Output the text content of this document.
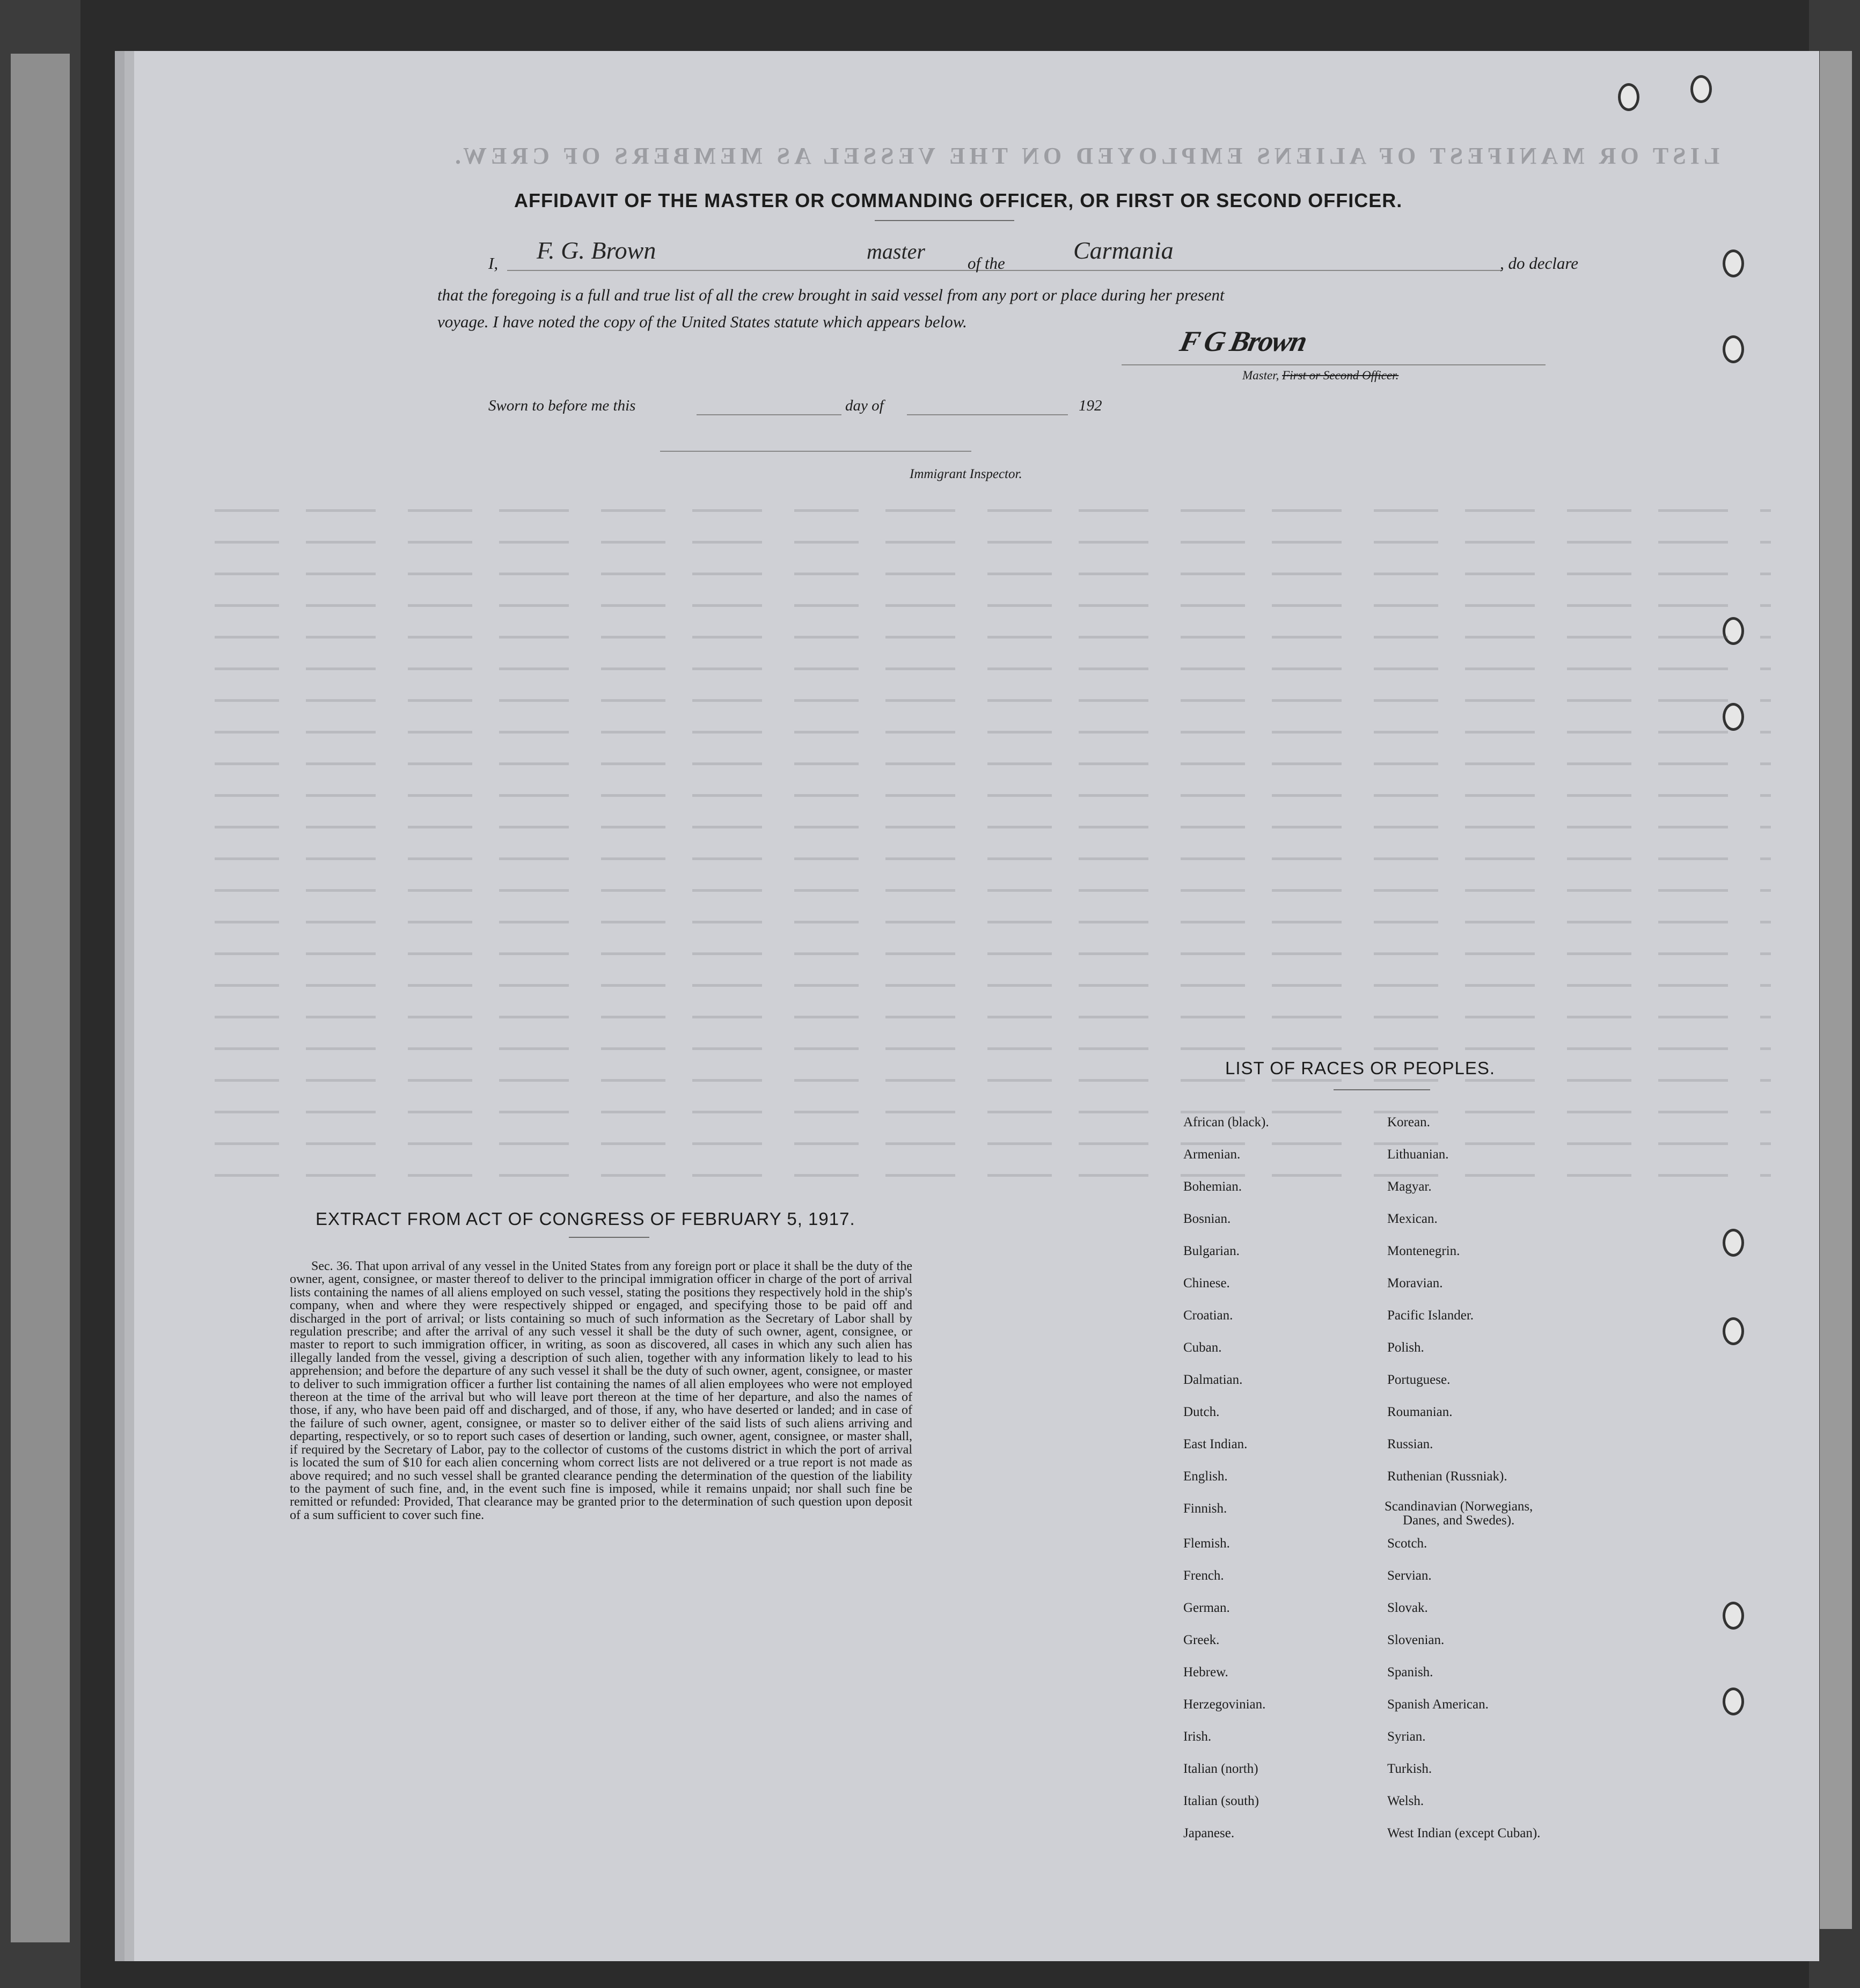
LIST OR MANIFEST OF ALIENS EMPLOYED ON THE VESSEL AS MEMBERS OF CREW.
AFFIDAVIT OF THE MASTER OR COMMANDING OFFICER, OR FIRST OR SECOND OFFICER.
I, F. G. Brown	master	of the	Carmania	, do declare
that the foregoing is a full and true list of all the crew brought in said vessel from any port or place during her present
voyage. I have noted the copy of the United States statute which appears below.
F G Brown
Master, First or Second Officer.
Sworn to before me this	day of	192
Immigrant Inspector.
EXTRACT FROM ACT OF CONGRESS OF FEBRUARY 5, 1917.
Sec. 36. That upon arrival of any vessel in the United States from any foreign port or place it shall be the duty of the owner, agent, consignee, or master thereof to deliver to the principal immigration officer in charge of the port of arrival lists containing the names of all aliens employed on such vessel, stating the positions they respectively hold in the ship's company, when and where they were respectively shipped or engaged, and specifying those to be paid off and discharged in the port of arrival; or lists containing so much of such information as the Secretary of Labor shall by regulation prescribe; and after the arrival of any such vessel it shall be the duty of such owner, agent, consignee, or master to report to such immigration officer, in writing, as soon as discovered, all cases in which any such alien has illegally landed from the vessel, giving a description of such alien, together with any information likely to lead to his apprehension; and before the departure of any such vessel it shall be the duty of such owner, agent, consignee, or master to deliver to such immigration officer a further list containing the names of all alien employees who were not employed thereon at the time of the arrival but who will leave port thereon at the time of her departure, and also the names of those, if any, who have been paid off and discharged, and of those, if any, who have deserted or landed; and in case of the failure of such owner, agent, consignee, or master so to deliver either of the said lists of such aliens arriving and departing, respectively, or so to report such cases of desertion or landing, such owner, agent, consignee, or master shall, if required by the Secretary of Labor, pay to the collector of customs of the customs district in which the port of arrival is located the sum of $10 for each alien concerning whom correct lists are not delivered or a true report is not made as above required; and no such vessel shall be granted clearance pending the determination of the question of the liability to the payment of such fine, and, in the event such fine is imposed, while it remains unpaid; nor shall such fine be remitted or refunded: Provided, That clearance may be granted prior to the determination of such question upon deposit of a sum sufficient to cover such fine.
LIST OF RACES OR PEOPLES.
African (black).
Armenian.
Bohemian.
Bosnian.
Bulgarian.
Chinese.
Croatian.
Cuban.
Dalmatian.
Dutch.
East Indian.
English.
Finnish.
Flemish.
French.
German.
Greek.
Hebrew.
Herzegovinian.
Irish.
Italian (north)
Italian (south)
Japanese.
Korean.
Lithuanian.
Magyar.
Mexican.
Montenegrin.
Moravian.
Pacific Islander.
Polish.
Portuguese.
Roumanian.
Russian.
Ruthenian (Russniak).
Scandinavian (Norwegians,
Danes, and Swedes).
Scotch.
Servian.
Slovak.
Slovenian.
Spanish.
Spanish American.
Syrian.
Turkish.
Welsh.
West Indian (except Cuban).
